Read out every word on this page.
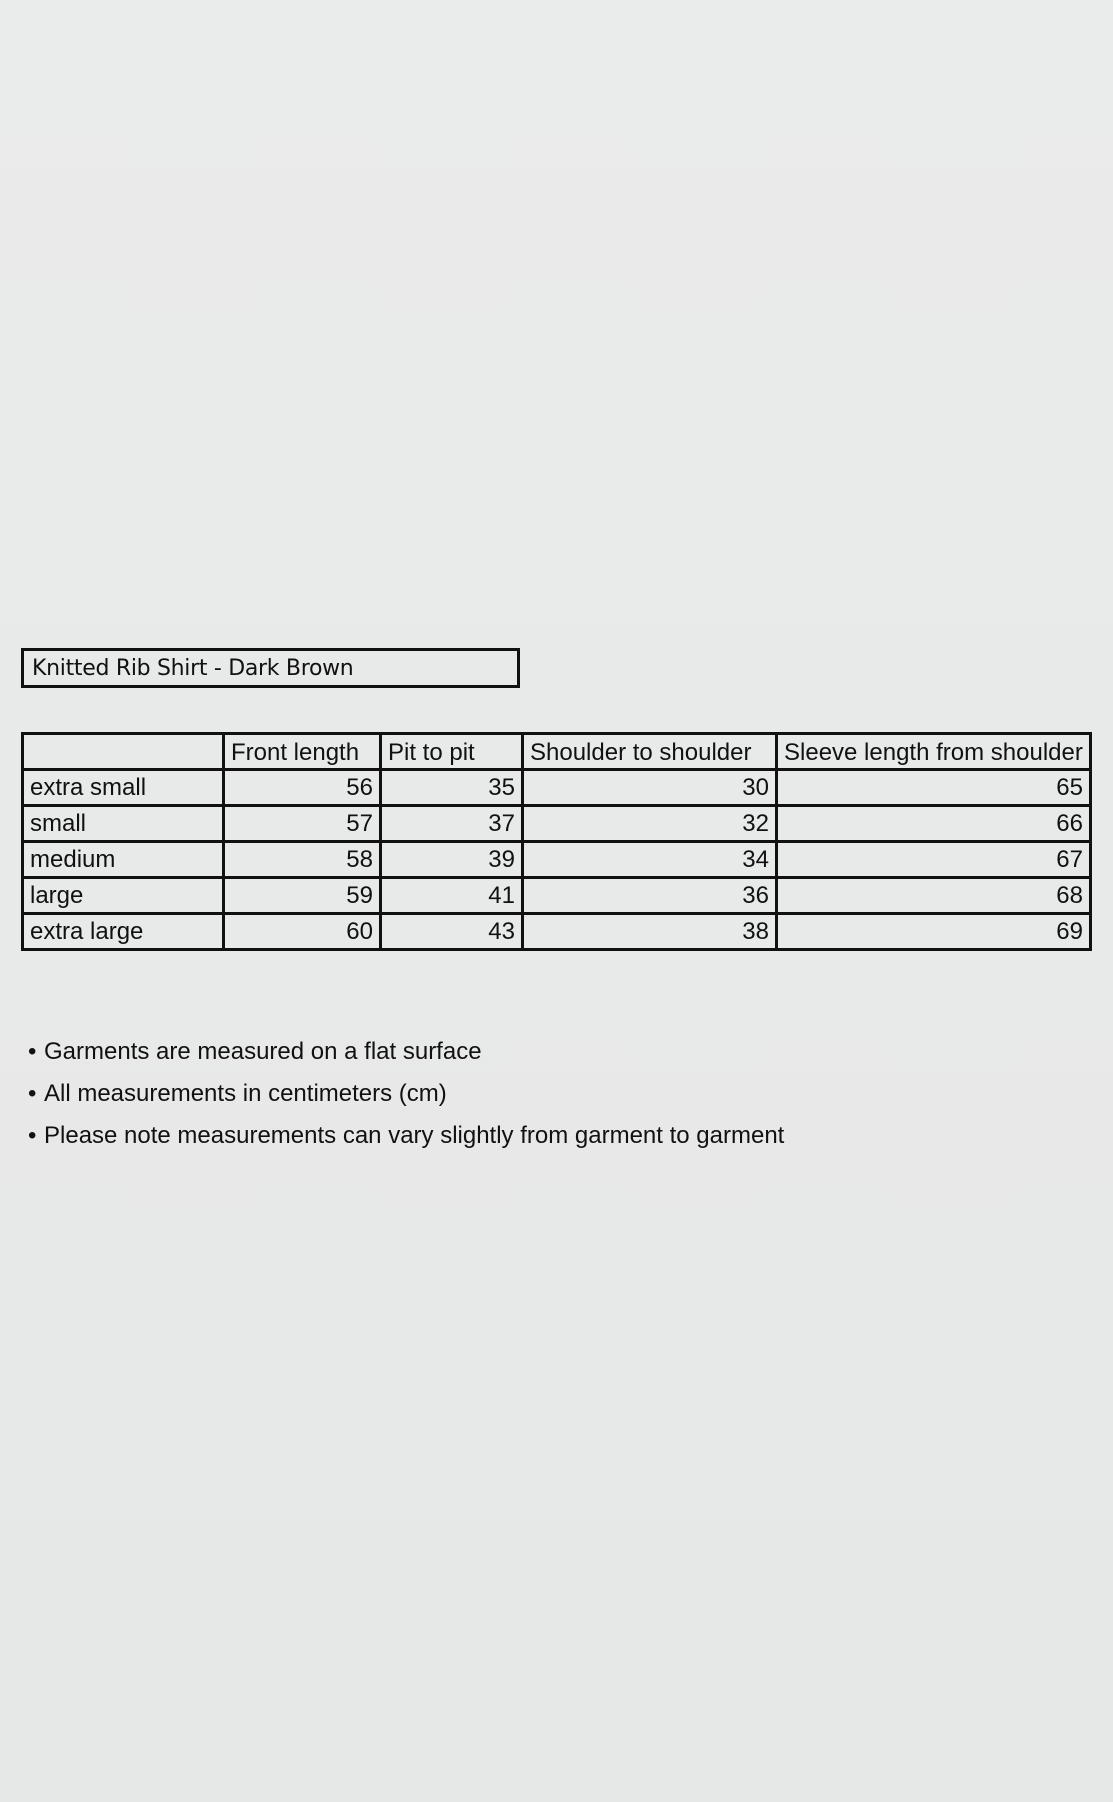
Knitted Rib Shirt - Dark Brown
	Front length	Pit to pit	Shoulder to shoulder	Sleeve length from shoulder
extra small	56	35	30	65
small	57	37	32	66
medium	58	39	34	67
large	59	41	36	68
extra large	60	43	38	69
• Garments are measured on a flat surface
• All measurements in centimeters (cm)
• Please note measurements can vary slightly from garment to garment
